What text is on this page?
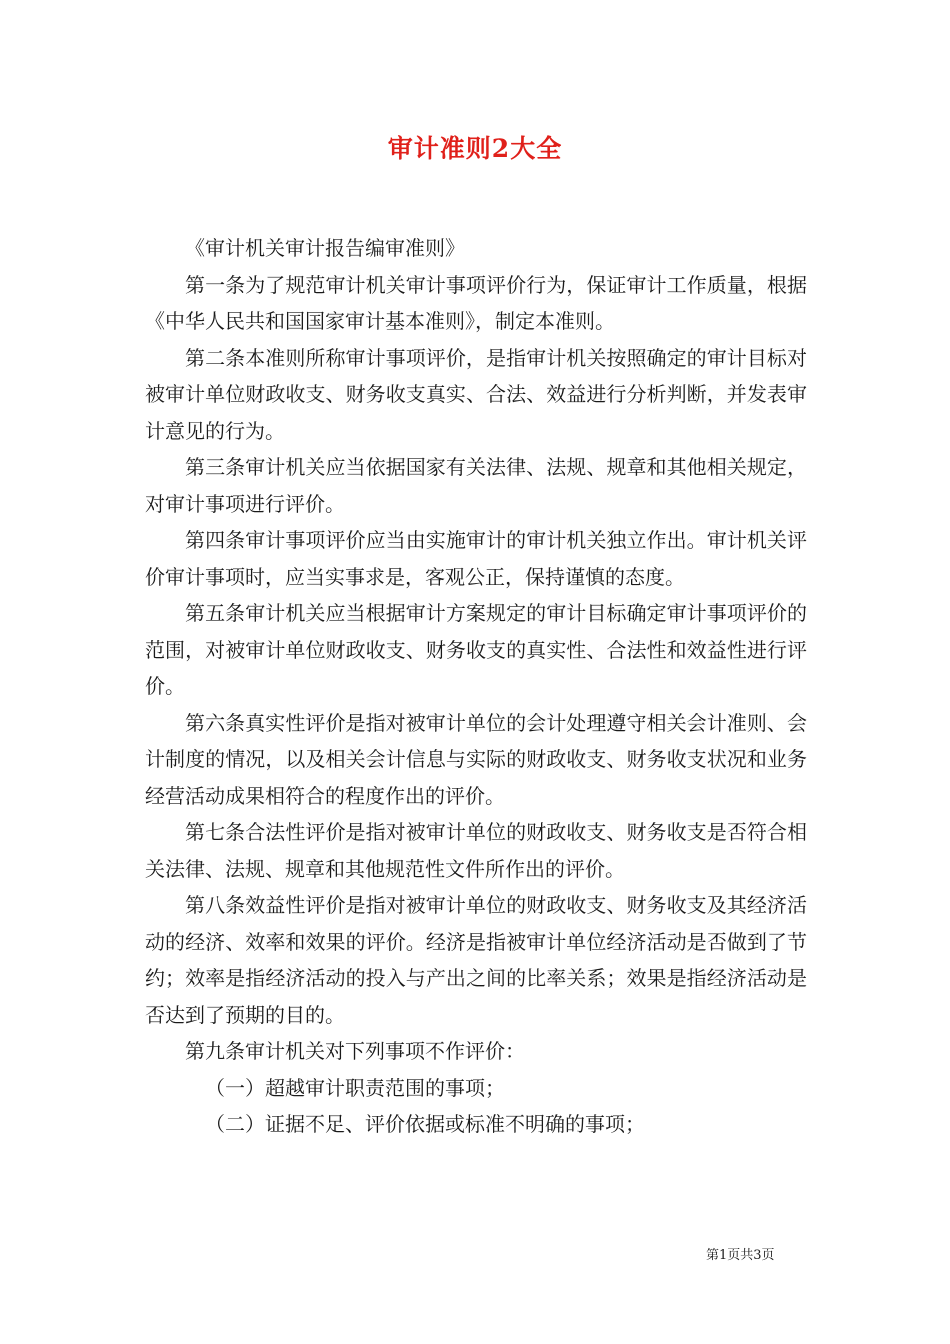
审计准则2大全

《审计机关审计报告编审准则》

第一条为了规范审计机关审计事项评价行为，保证审计工作质量，根据《中华人民共和国国家审计基本准则》，制定本准则。

第二条本准则所称审计事项评价，是指审计机关按照确定的审计目标对被审计单位财政收支、财务收支真实、合法、效益进行分析判断，并发表审计意见的行为。

第三条审计机关应当依据国家有关法律、法规、规章和其他相关规定，对审计事项进行评价。

第四条审计事项评价应当由实施审计的审计机关独立作出。审计机关评价审计事项时，应当实事求是，客观公正，保持谨慎的态度。

第五条审计机关应当根据审计方案规定的审计目标确定审计事项评价的范围，对被审计单位财政收支、财务收支的真实性、合法性和效益性进行评价。

第六条真实性评价是指对被审计单位的会计处理遵守相关会计准则、会计制度的情况，以及相关会计信息与实际的财政收支、财务收支状况和业务经营活动成果相符合的程度作出的评价。

第七条合法性评价是指对被审计单位的财政收支、财务收支是否符合相关法律、法规、规章和其他规范性文件所作出的评价。

第八条效益性评价是指对被审计单位的财政收支、财务收支及其经济活动的经济、效率和效果的评价。经济是指被审计单位经济活动是否做到了节约；效率是指经济活动的投入与产出之间的比率关系；效果是指经济活动是否达到了预期的目的。

第九条审计机关对下列事项不作评价：

（一）超越审计职责范围的事项；

（二）证据不足、评价依据或标准不明确的事项；

第1页共3页
